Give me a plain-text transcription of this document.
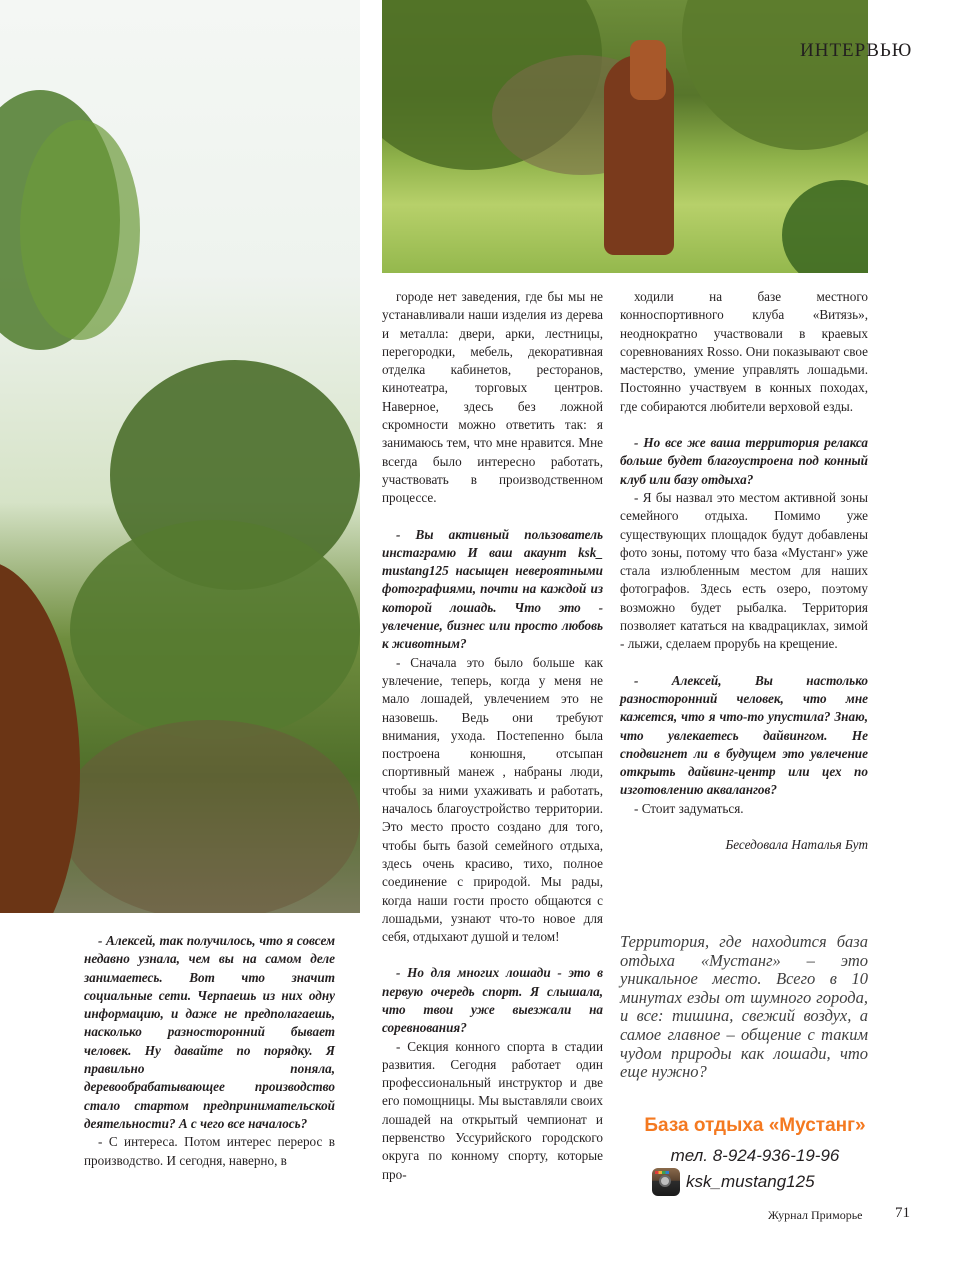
ИНТЕРВЬЮ

городе нет заведения, где бы мы не устанавливали наши изделия из дерева и металла: двери, арки, лестницы, перегородки, мебель, декоративная отделка кабинетов, ресторанов, кинотеатра, торговых центров. Наверное, здесь без ложной скромности можно ответить так: я занимаюсь тем, что мне нравится. Мне всегда было интересно работать, участвовать в производственном процессе.

- Вы активный пользователь инстаграмю И ваш акаунт ksk_ mustang125 насыщен невероятными фотографиями, почти на каждой из которой лошадь. Что это - увлечение, бизнес или просто любовь к животным?

- Сначала это было больше как увлечение, теперь, когда у меня не мало лошадей, увлечением это не назовешь. Ведь они требуют внимания, ухода. Постепенно была построена конюшня, отсыпан спортивный манеж , набраны люди, чтобы за ними ухаживать и работать, началось благоустройство территории. Это место просто создано для того, чтобы быть базой семейного отдыха, здесь очень красиво, тихо, полное соединение с природой. Мы рады, когда наши гости просто общаются с лошадьми, узнают что-то новое для себя, отдыхают душой и телом!

- Но для многих лошади - это в первую очередь спорт. Я слышала, что твои уже выезжали на соревнования?

- Секция конного спорта в стадии развития. Сегодня работает один профессиональный инструктор и две его помощницы. Мы выставляли своих лошадей на открытый чемпионат и первенство Уссурийского городского округа по конному спорту, которые про-

ходили на базе местного конноспортивного клуба «Витязь», неоднократно участвовали в краевых соревнованиях Rosso. Они показывают свое мастерство, умение управлять лошадьми. Постоянно участвуем в конных походах, где собираются любители верховой езды.

- Но все же ваша территория релакса больше будет благоустроена под конный клуб или базу отдыха?

- Я бы назвал это местом активной зоны семейного отдыха. Помимо уже существующих площадок будут добавлены фото зоны, потому что база «Мустанг» уже стала излюбленным местом для наших фотографов. Здесь есть озеро, поэтому возможно будет рыбалка. Территория позволяет кататься на квадрациклах, зимой - лыжи, сделаем прорубь на крещение.

- Алексей, Вы настолько разносторонний человек, что мне кажется, что я что-то упустила? Знаю, что увлекаетесь дайвингом. Не сподвигнет ли в будущем это увлечение открыть дайвинг-центр или цех по изготовлению аквалангов?

- Стоит задуматься.

Беседовала Наталья Бут

- Алексей, так получилось, что я совсем недавно узнала, чем вы на самом деле занимаетесь. Вот что значит социальные сети. Черпаешь из них одну информацию, и даже не предполагаешь, насколько разносторонний бывает человек. Ну давайте по порядку. Я правильно поняла, деревообрабатывающее производство стало стартом предпринимательской деятельности? А с чего все началось?

- С интереса. Потом интерес перерос в производство. И сегодня, наверно, в

Территория, где находится база отдыха «Мустанг» – это уникальное место. Всего в 10 минутах езды от шумного города, и все: тишина, свежий воздух, а самое главное – общение с таким чудом природы как лошади, что еще нужно?
База отдыха «Мустанг»
тел. 8-924-936-19-96
ksk_mustang125
Журнал Приморье 71
